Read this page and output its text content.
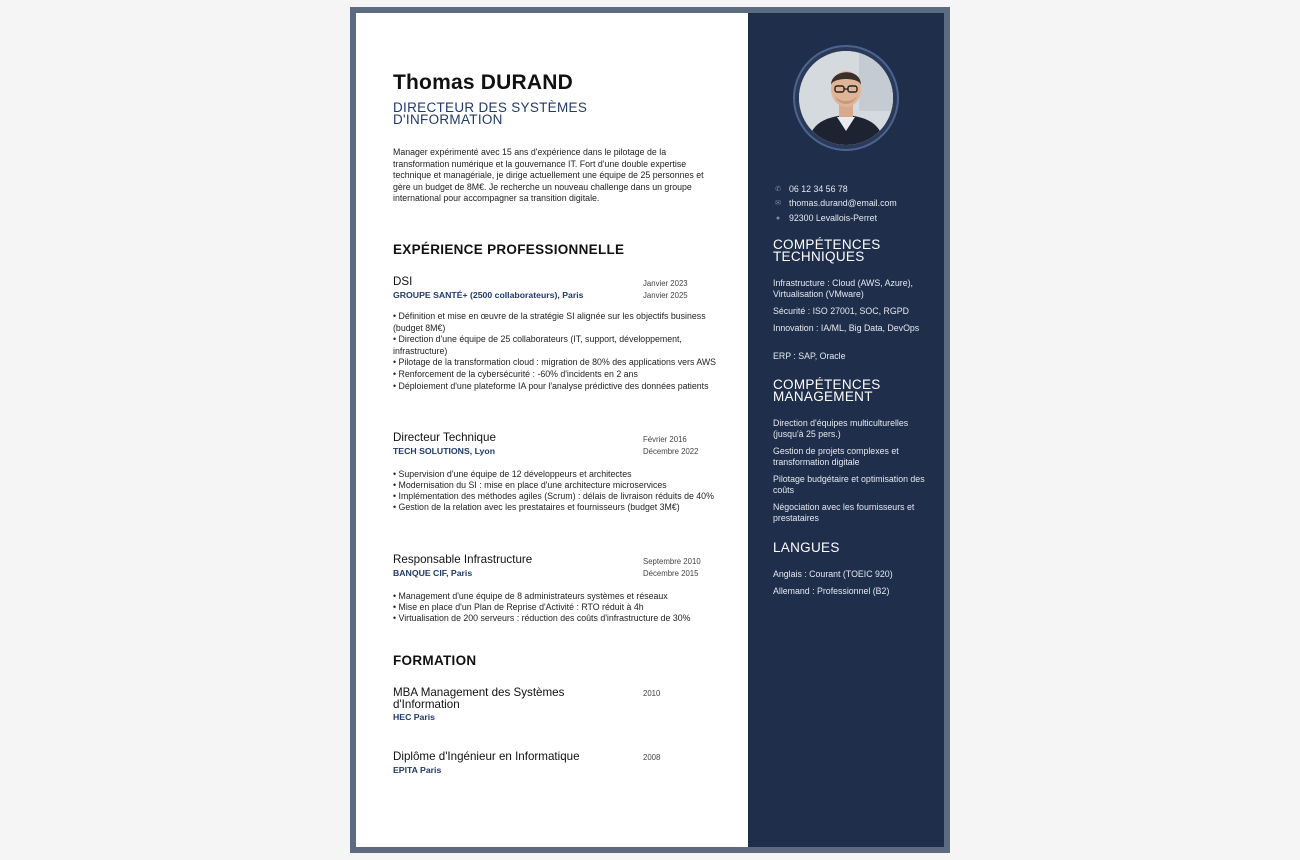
Thomas DURAND
DIRECTEUR DES SYSTÈMES D'INFORMATION
Manager expérimenté avec 15 ans d'expérience dans le pilotage de la transformation numérique et la gouvernance IT. Fort d'une double expertise technique et managériale, je dirige actuellement une équipe de 25 personnes et gère un budget de 8M€. Je recherche un nouveau challenge dans un groupe international pour accompagner sa transition digitale.
EXPÉRIENCE PROFESSIONNELLE
DSI
GROUPE SANTÉ+ (2500 collaborateurs), Paris
Janvier 2023
Janvier 2025
• Définition et mise en œuvre de la stratégie SI alignée sur les objectifs business (budget 8M€)
• Direction d'une équipe de 25 collaborateurs (IT, support, développement, infrastructure)
• Pilotage de la transformation cloud : migration de 80% des applications vers AWS
• Renforcement de la cybersécurité : -60% d'incidents en 2 ans
• Déploiement d'une plateforme IA pour l'analyse prédictive des données patients
Directeur Technique
TECH SOLUTIONS, Lyon
Février 2016
Décembre 2022
• Supervision d'une équipe de 12 développeurs et architectes
• Modernisation du SI : mise en place d'une architecture microservices
• Implémentation des méthodes agiles (Scrum) : délais de livraison réduits de 40%
• Gestion de la relation avec les prestataires et fournisseurs (budget 3M€)
Responsable Infrastructure
BANQUE CIF, Paris
Septembre 2010
Décembre 2015
• Management d'une équipe de 8 administrateurs systèmes et réseaux
• Mise en place d'un Plan de Reprise d'Activité : RTO réduit à 4h
• Virtualisation de 200 serveurs : réduction des coûts d'infrastructure de 30%
FORMATION
MBA Management des Systèmes d'Information
HEC Paris
2010
Diplôme d'Ingénieur en Informatique
EPITA Paris
2008
✆ 06 12 34 56 78
✉ thomas.durand@email.com
●	92300 Levallois-Perret
COMPÉTENCES TECHNIQUES
Infrastructure : Cloud (AWS, Azure), Virtualisation (VMware)
Sécurité : ISO 27001, SOC, RGPD
Innovation : IA/ML, Big Data, DevOps
ERP : SAP, Oracle
COMPÉTENCES MANAGEMENT
Direction d'équipes multiculturelles (jusqu'à 25 pers.)
Gestion de projets complexes et transformation digitale
Pilotage budgétaire et optimisation des coûts
Négociation avec les fournisseurs et prestataires
LANGUES
Anglais : Courant (TOEIC 920)
Allemand : Professionnel (B2)
